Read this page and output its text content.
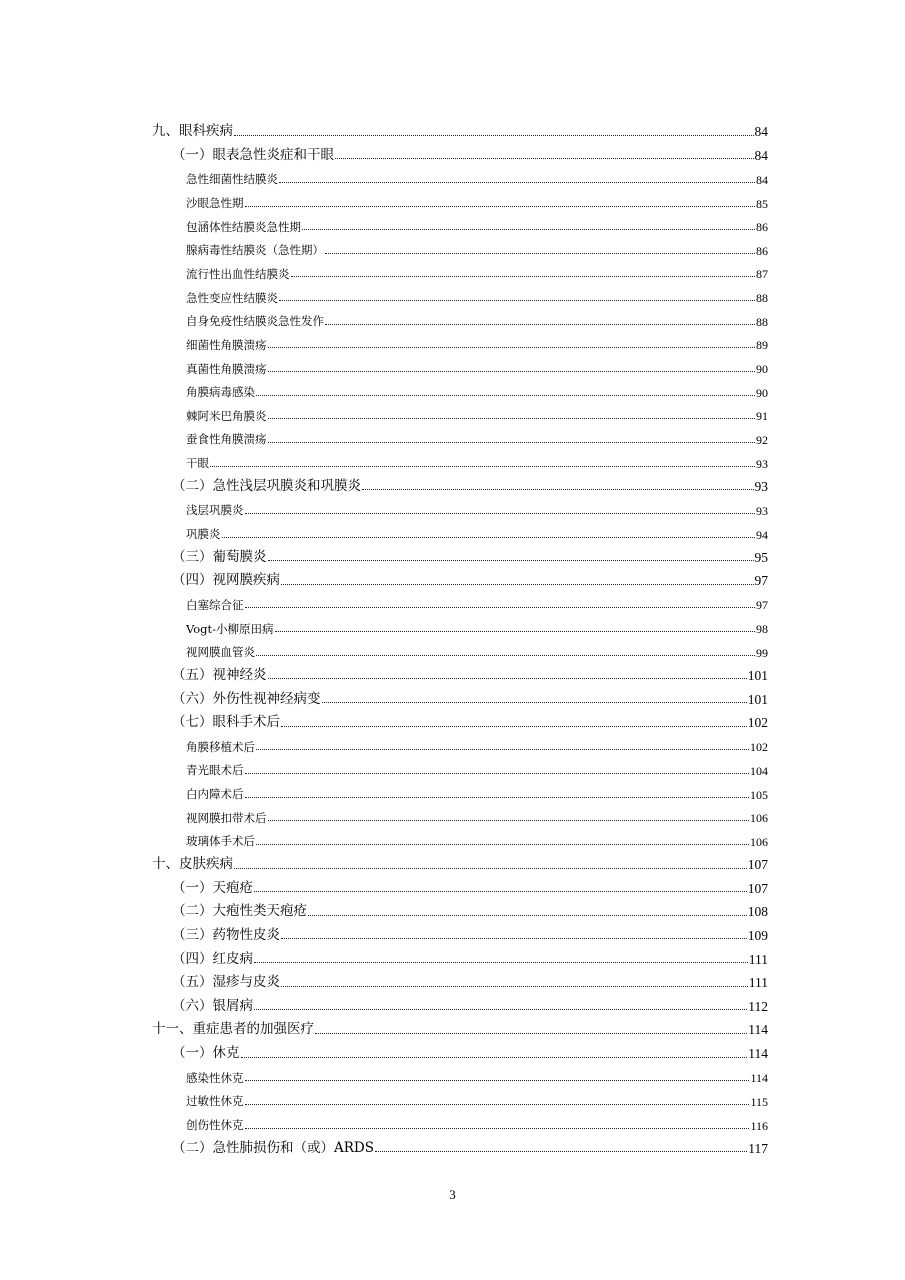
九、眼科疾病	84
（一）眼表急性炎症和干眼	84
急性细菌性结膜炎	84
沙眼急性期	85
包涵体性结膜炎急性期	86
腺病毒性结膜炎（急性期）	86
流行性出血性结膜炎	87
急性变应性结膜炎	88
自身免疫性结膜炎急性发作	88
细菌性角膜溃疡	89
真菌性角膜溃疡	90
角膜病毒感染	90
棘阿米巴角膜炎	91
蚕食性角膜溃疡	92
干眼	93
（二）急性浅层巩膜炎和巩膜炎	93
浅层巩膜炎	93
巩膜炎	94
（三）葡萄膜炎	95
（四）视网膜疾病	97
白塞综合征	97
Vogt-小柳原田病	98
视网膜血管炎	99
（五）视神经炎	101
（六）外伤性视神经病变	101
（七）眼科手术后	102
角膜移植术后	102
青光眼术后	104
白内障术后	105
视网膜扣带术后	106
玻璃体手术后	106
十、皮肤疾病	107
（一）天疱疮	107
（二）大疱性类天疱疮	108
（三）药物性皮炎	109
（四）红皮病	111
（五）湿疹与皮炎	111
（六）银屑病	112
十一、重症患者的加强医疗	114
（一）休克	114
感染性休克	114
过敏性休克	115
创伤性休克	116
（二）急性肺损伤和（或）ARDS	117
3
